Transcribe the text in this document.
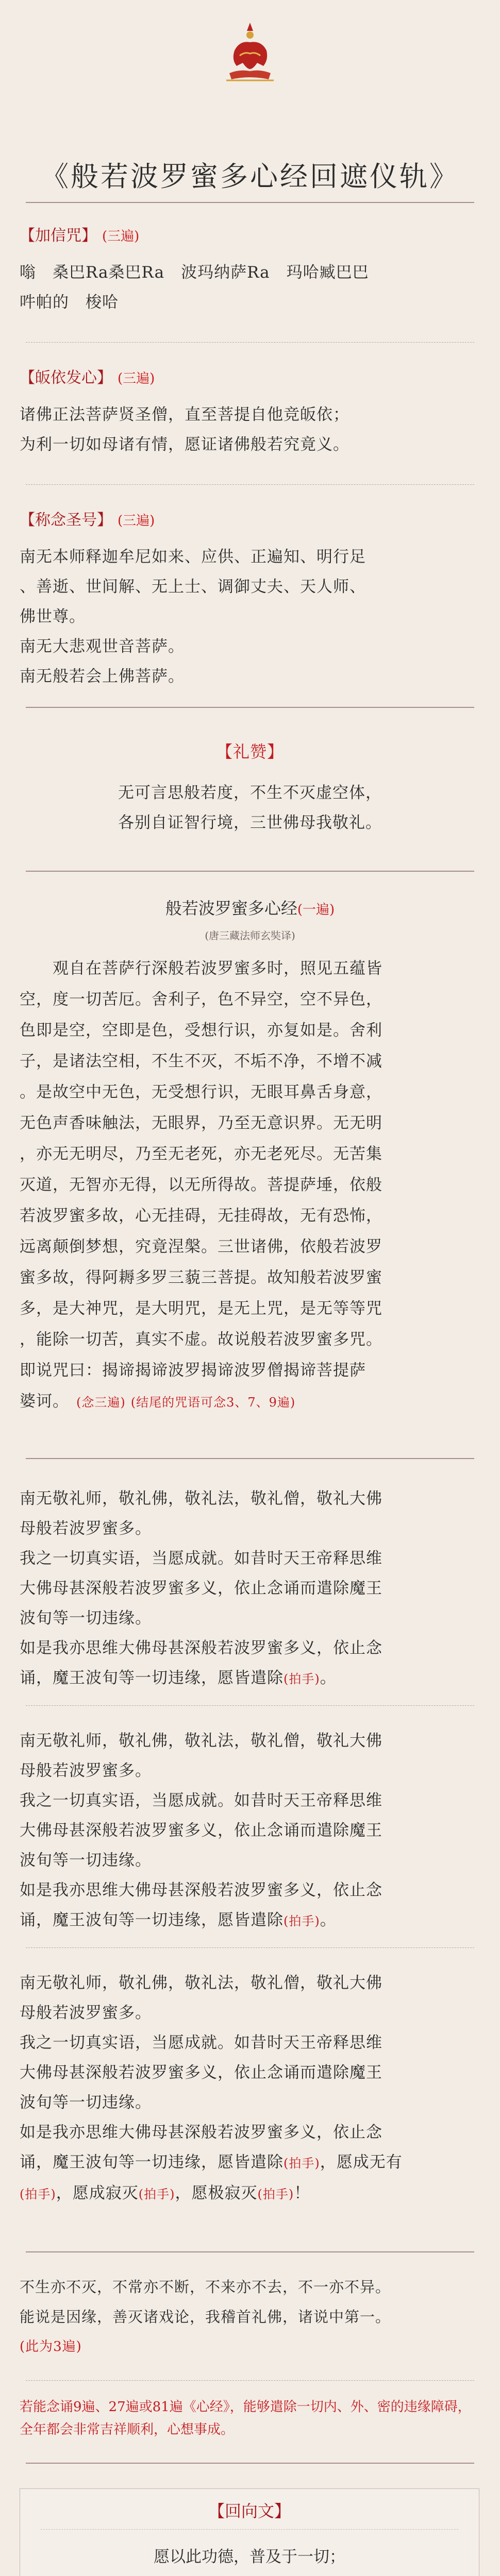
《般若波罗蜜多心经回遮仪轨》
【加信咒】 (三遍)
嗡　桑巴Ra桑巴Ra　波玛纳萨Ra　玛哈臧巴巴
吽帕的　梭哈
【皈依发心】 (三遍)
诸佛正法菩萨贤圣僧，直至菩提自他竞皈依；
为利一切如母诸有情，愿证诸佛般若究竟义。
【称念圣号】 (三遍)
南无本师释迦牟尼如来、应供、正遍知、明行足
、善逝、世间解、无上士、调御丈夫、天人师、
佛世尊。
南无大悲观世音菩萨。
南无般若会上佛菩萨。
【礼赞】
无可言思般若度，不生不灭虚空体，
各别自证智行境，三世佛母我敬礼。
般若波罗蜜多心经(一遍)
(唐三藏法师玄奘译)
　　观自在菩萨行深般若波罗蜜多时，照见五蕴皆
空，度一切苦厄。舍利子，色不异空，空不异色，
色即是空，空即是色，受想行识，亦复如是。舍利
子，是诸法空相，不生不灭，不垢不净，不增不减
。是故空中无色，无受想行识，无眼耳鼻舌身意，
无色声香味触法，无眼界，乃至无意识界。无无明
，亦无无明尽，乃至无老死，亦无老死尽。无苦集
灭道，无智亦无得，以无所得故。菩提萨埵，依般
若波罗蜜多故，心无挂碍，无挂碍故，无有恐怖，
远离颠倒梦想，究竟涅槃。三世诸佛，依般若波罗
蜜多故，得阿耨多罗三藐三菩提。故知般若波罗蜜
多，是大神咒，是大明咒，是无上咒，是无等等咒
，能除一切苦，真实不虚。故说般若波罗蜜多咒。
即说咒曰：揭谛揭谛波罗揭谛波罗僧揭谛菩提萨
婆诃。 (念三遍) (结尾的咒语可念3、7、9遍)
南无敬礼师，敬礼佛，敬礼法，敬礼僧，敬礼大佛
母般若波罗蜜多。
我之一切真实语，当愿成就。如昔时天王帝释思维
大佛母甚深般若波罗蜜多义，依止念诵而遣除魔王
波旬等一切违缘。
如是我亦思维大佛母甚深般若波罗蜜多义，依止念
诵，魔王波旬等一切违缘，愿皆遣除(拍手)。
南无敬礼师，敬礼佛，敬礼法，敬礼僧，敬礼大佛
母般若波罗蜜多。
我之一切真实语，当愿成就。如昔时天王帝释思维
大佛母甚深般若波罗蜜多义，依止念诵而遣除魔王
波旬等一切违缘。
如是我亦思维大佛母甚深般若波罗蜜多义，依止念
诵，魔王波旬等一切违缘，愿皆遣除(拍手)。
南无敬礼师，敬礼佛，敬礼法，敬礼僧，敬礼大佛
母般若波罗蜜多。
我之一切真实语，当愿成就。如昔时天王帝释思维
大佛母甚深般若波罗蜜多义，依止念诵而遣除魔王
波旬等一切违缘。
如是我亦思维大佛母甚深般若波罗蜜多义，依止念
诵，魔王波旬等一切违缘，愿皆遣除(拍手)，愿成无有
(拍手)，愿成寂灭(拍手)，愿极寂灭(拍手)！
不生亦不灭，不常亦不断，不来亦不去，不一亦不异。
能说是因缘，善灭诸戏论，我稽首礼佛，诸说中第一。
(此为3遍)
若能念诵9遍、27遍或81遍《心经》，能够遣除一切内、外、密的违缘障碍，全年都会非常吉祥顺利，心想事成。
【回向文】
愿以此功德，普及于一切；
